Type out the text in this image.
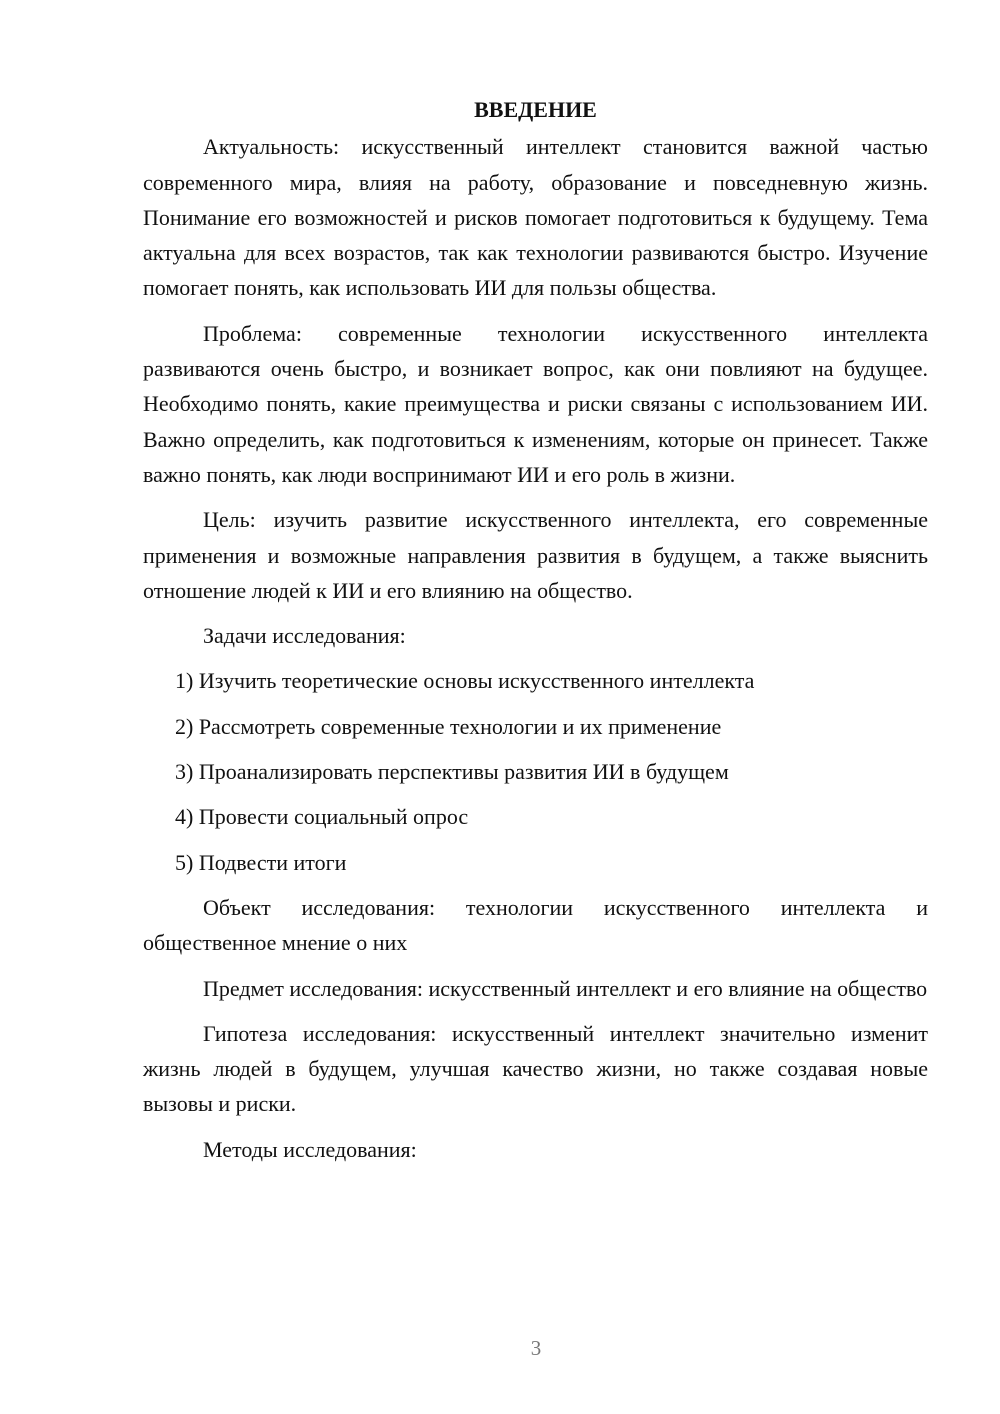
ВВЕДЕНИЕ

Актуальность: искусственный интеллект становится важной частью современного мира, влияя на работу, образование и повседневную жизнь. Понимание его возможностей и рисков помогает подготовиться к будущему. Тема актуальна для всех возрастов, так как технологии развиваются быстро. Изучение помогает понять, как использовать ИИ для пользы общества.

Проблема: современные технологии искусственного интеллекта развиваются очень быстро, и возникает вопрос, как они повлияют на будущее. Необходимо понять, какие преимущества и риски связаны с использованием ИИ. Важно определить, как подготовиться к изменениям, которые он принесет. Также важно понять, как люди воспринимают ИИ и его роль в жизни.

Цель: изучить развитие искусственного интеллекта, его современные применения и возможные направления развития в будущем, а также выяснить отношение людей к ИИ и его влиянию на общество.

Задачи исследования:

1) Изучить теоретические основы искусственного интеллекта

2) Рассмотреть современные технологии и их применение

3) Проанализировать перспективы развития ИИ в будущем

4) Провести социальный опрос

5) Подвести итоги

Объект исследования: технологии искусственного интеллекта и общественное мнение о них

Предмет исследования: искусственный интеллект и его влияние на общество

Гипотеза исследования: искусственный интеллект значительно изменит жизнь людей в будущем, улучшая качество жизни, но также создавая новые вызовы и риски.

Методы исследования:

3
